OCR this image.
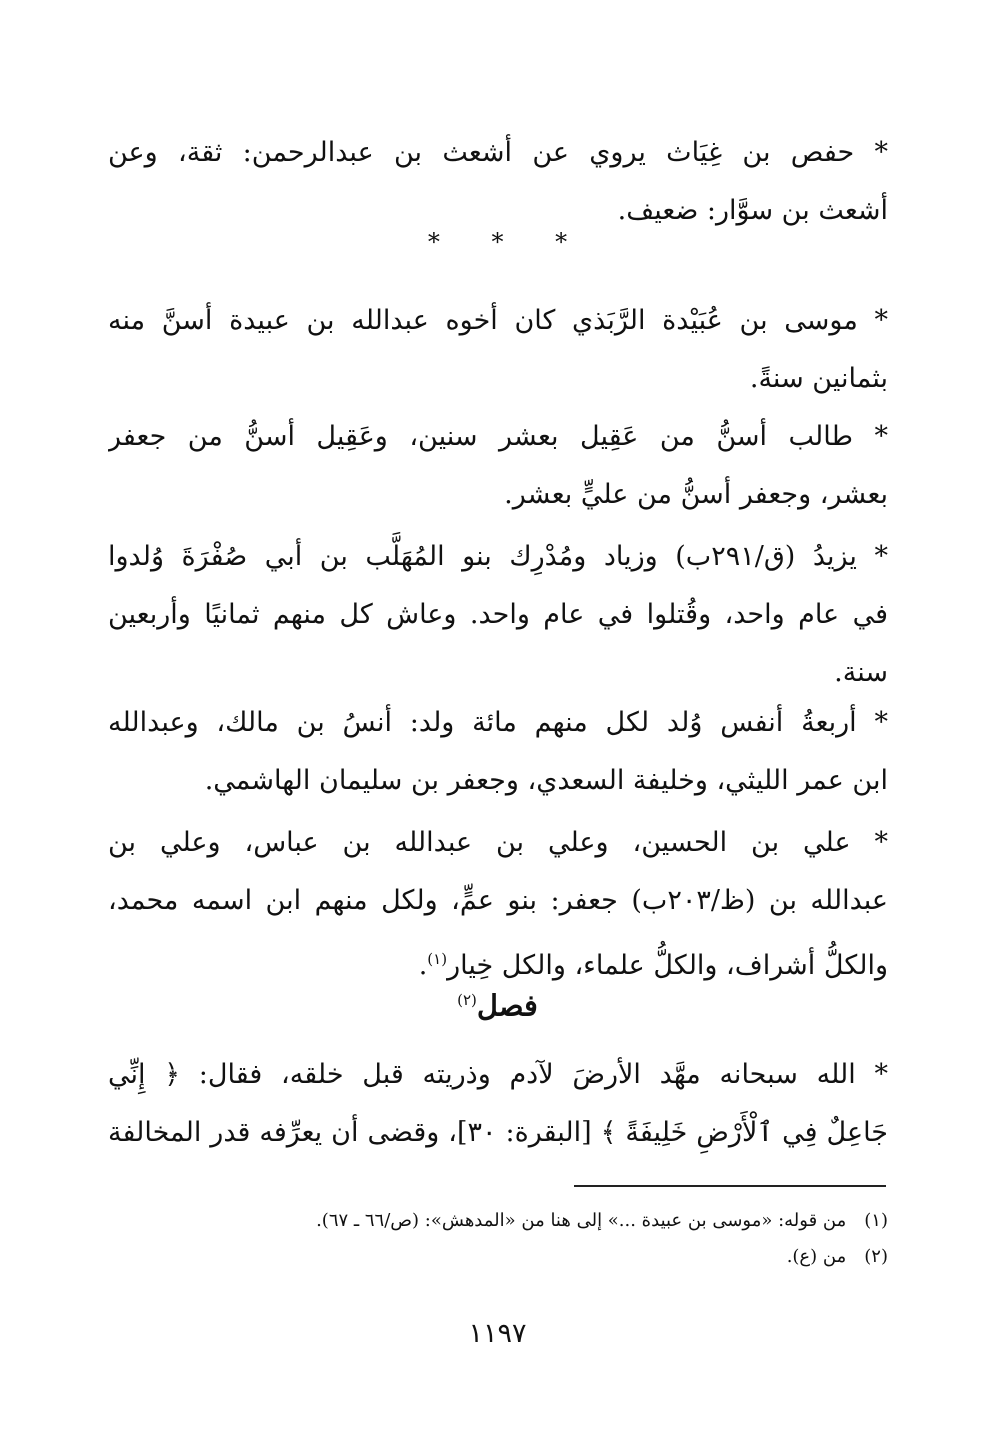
* حفص بن غِيَاث يروي عن أشعث بن عبدالرحمن: ثقة، وعن
أشعث بن سوَّار: ضعيف.
* * *
* موسى بن عُبَيْدة الرَّبَذي كان أخوه عبدالله بن عبيدة أسنَّ منه
بثمانين سنةً.
* طالب أسنُّ من عَقِيل بعشر سنين، وعَقِيل أسنُّ من جعفر
بعشر، وجعفر أسنُّ من عليٍّ بعشر.
* يزيدُ (ق/٢٩١ب) وزياد ومُدْرِك بنو المُهَلَّب بن أبي صُفْرَةَ وُلدوا
في عام واحد، وقُتلوا في عام واحد. وعاش كل منهم ثمانيًا وأربعين
سنة.
* أربعةُ أنفس وُلد لكل منهم مائة ولد: أنسُ بن مالك، وعبدالله
ابن عمر الليثي، وخليفة السعدي، وجعفر بن سليمان الهاشمي.
* علي بن الحسين، وعلي بن عبدالله بن عباس، وعلي بن
عبدالله بن (ظ/٢٠٣ب) جعفر: بنو عمٍّ، ولكل منهم ابن اسمه محمد،
والكلُّ أشراف، والكلُّ علماء، والكل خِيار$^{(١)}$.
فصل$^{(٢)}$
* الله سبحانه مهَّد الأرضَ لآدم وذريته قبل خلقه، فقال: ﴿ إِنِّي
جَاعِلٌ فِي ٱلْأَرْضِ خَلِيفَةً ﴾ [البقرة: ٣٠]، وقضى أن يعرِّفه قدر المخالفة
(١)من قوله: «موسى بن عبيدة ...» إلى هنا من «المدهش»: (ص/٦٦ ـ ٦٧).
(٢)من (ع).
١١٩٧
